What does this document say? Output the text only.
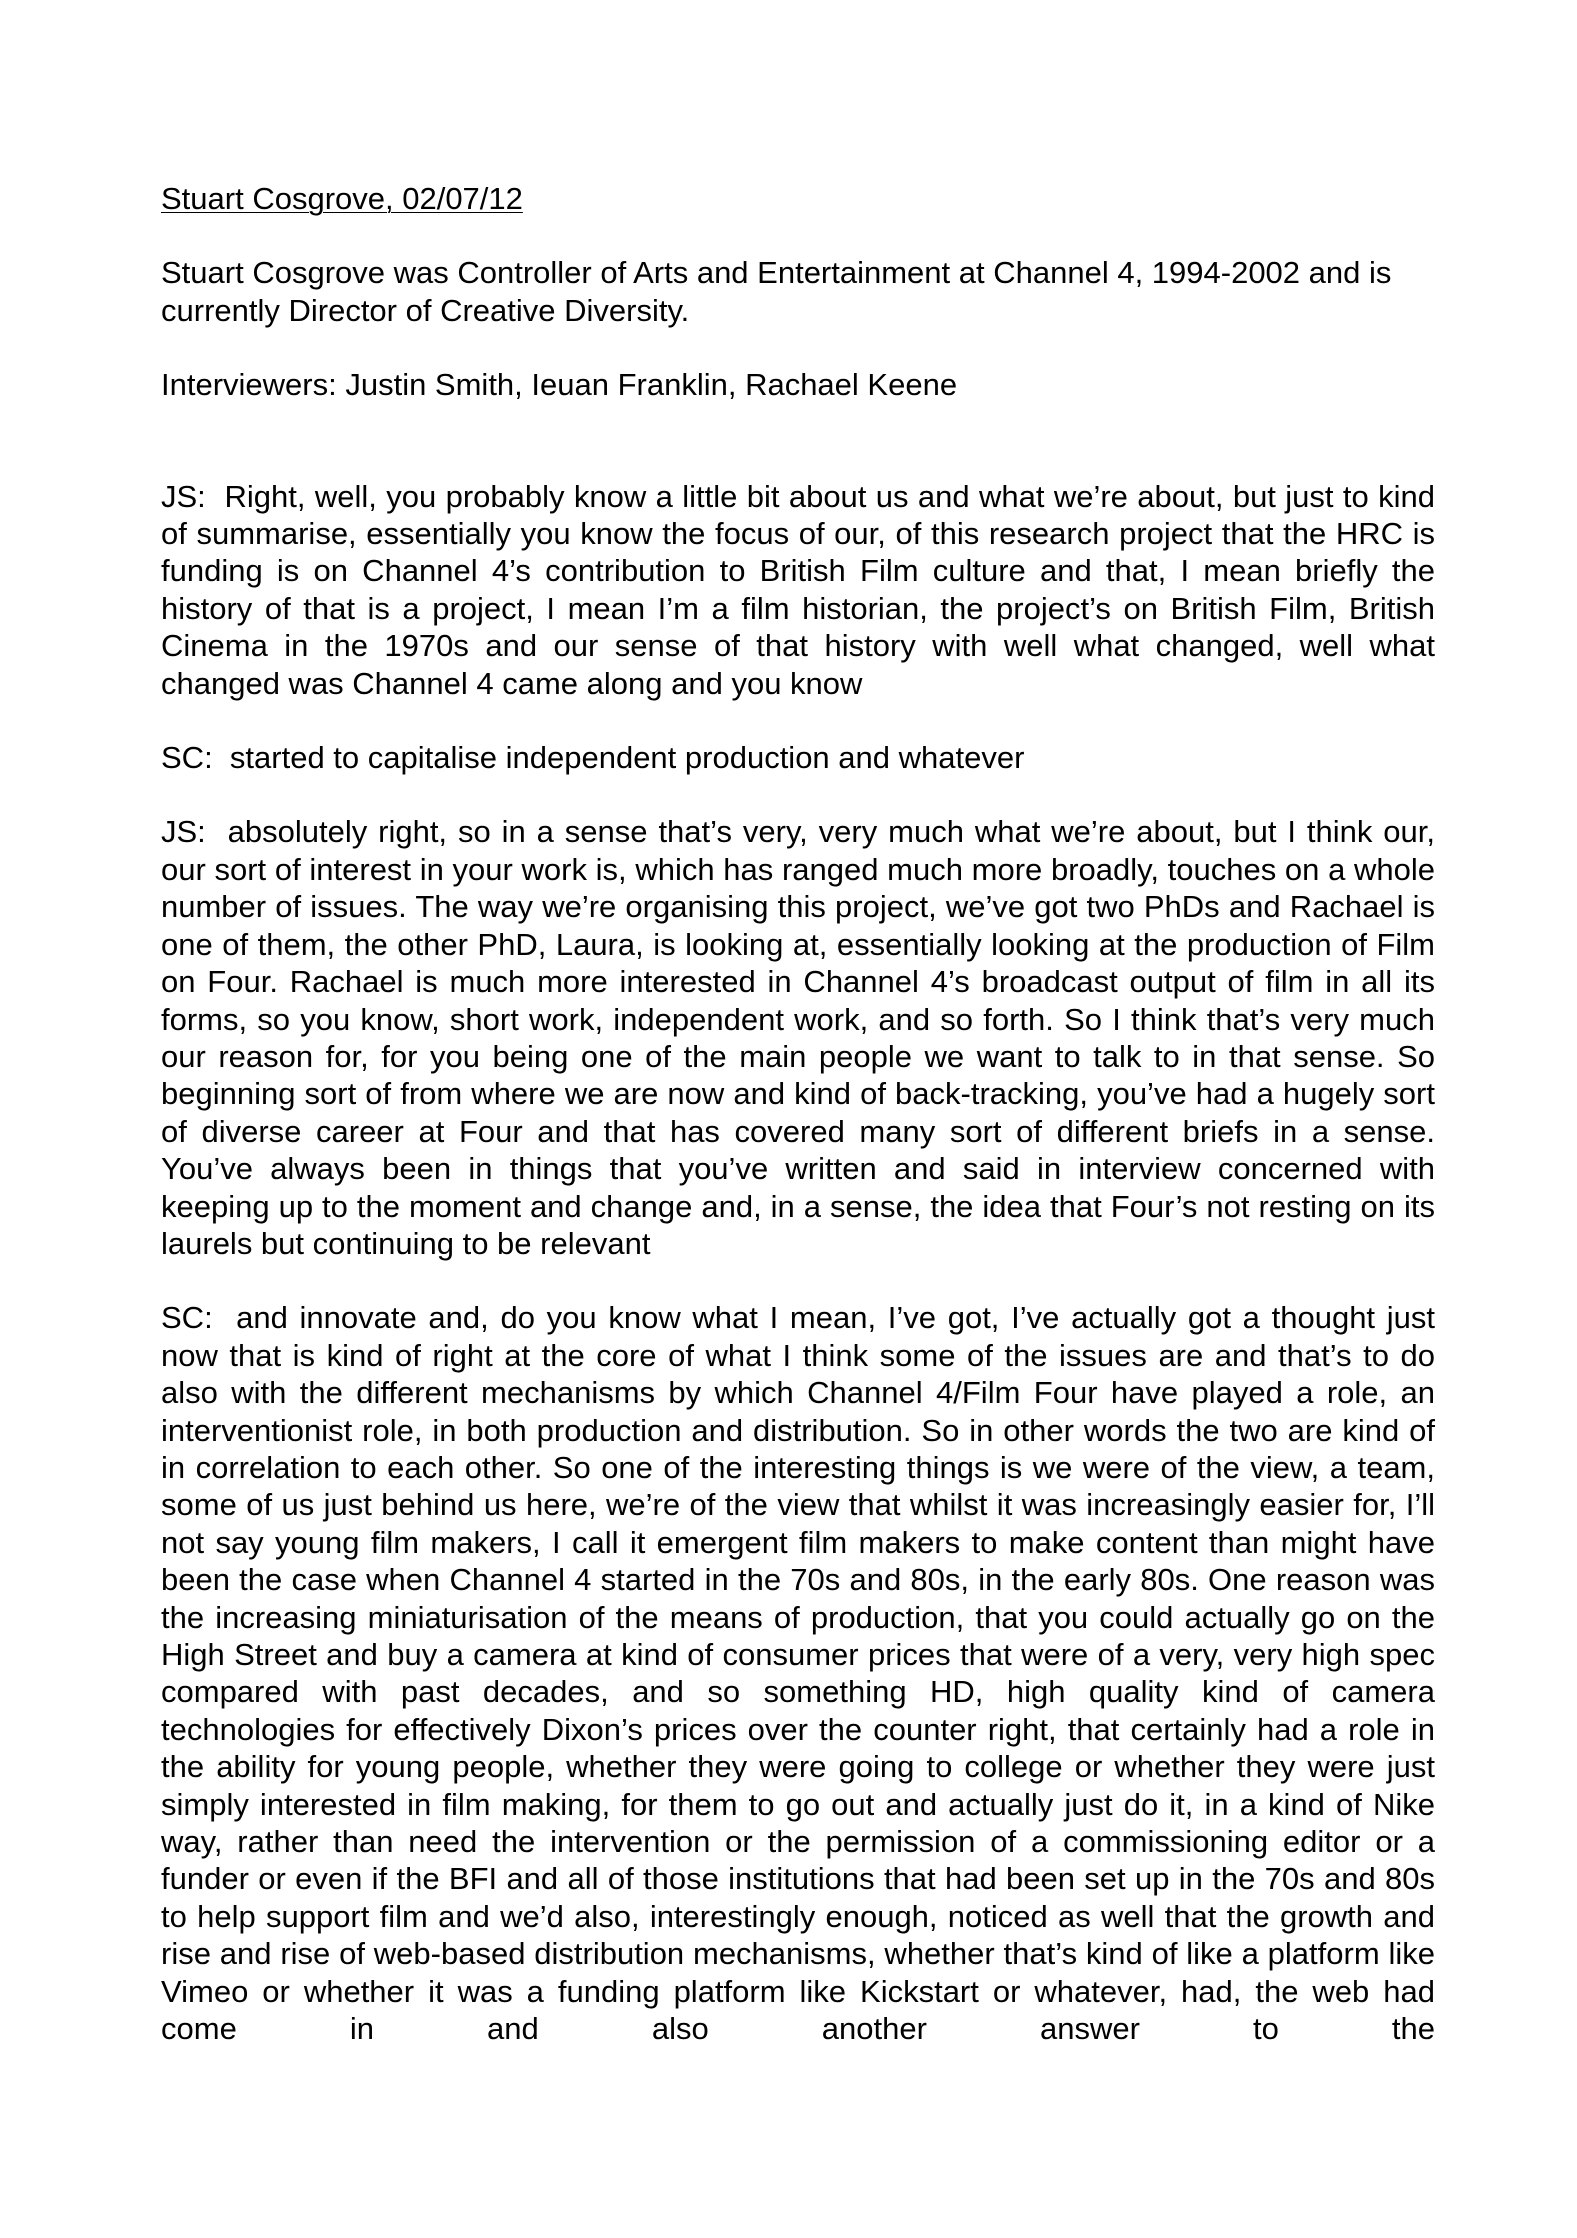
Stuart Cosgrove, 02/07/12

Stuart Cosgrove was Controller of Arts and Entertainment at Channel 4, 1994-2002 and is currently Director of Creative Diversity.

Interviewers: Justin Smith, Ieuan Franklin, Rachael Keene

JS: Right, well, you probably know a little bit about us and what we’re about, but just to kind of summarise, essentially you know the focus of our, of this research project that the HRC is funding is on Channel 4’s contribution to British Film culture and that, I mean briefly the history of that is a project, I mean I’m a film historian, the project’s on British Film, British Cinema in the 1970s and our sense of that history with well what changed, well what changed was Channel 4 came along and you know

SC: started to capitalise independent production and whatever

JS: absolutely right, so in a sense that’s very, very much what we’re about, but I think our, our sort of interest in your work is, which has ranged much more broadly, touches on a whole number of issues. The way we’re organising this project, we’ve got two PhDs and Rachael is one of them, the other PhD, Laura, is looking at, essentially looking at the production of Film on Four. Rachael is much more interested in Channel 4’s broadcast output of film in all its forms, so you know, short work, independent work, and so forth. So I think that’s very much our reason for, for you being one of the main people we want to talk to in that sense. So beginning sort of from where we are now and kind of back-tracking, you’ve had a hugely sort of diverse career at Four and that has covered many sort of different briefs in a sense. You’ve always been in things that you’ve written and said in interview concerned with keeping up to the moment and change and, in a sense, the idea that Four’s not resting on its laurels but continuing to be relevant

SC: and innovate and, do you know what I mean, I’ve got, I’ve actually got a thought just now that is kind of right at the core of what I think some of the issues are and that’s to do also with the different mechanisms by which Channel 4/Film Four have played a role, an interventionist role, in both production and distribution. So in other words the two are kind of in correlation to each other. So one of the interesting things is we were of the view, a team, some of us just behind us here, we’re of the view that whilst it was increasingly easier for, I’ll not say young film makers, I call it emergent film makers to make content than might have been the case when Channel 4 started in the 70s and 80s, in the early 80s. One reason was the increasing miniaturisation of the means of production, that you could actually go on the High Street and buy a camera at kind of consumer prices that were of a very, very high spec compared with past decades, and so something HD, high quality kind of camera technologies for effectively Dixon’s prices over the counter right, that certainly had a role in the ability for young people, whether they were going to college or whether they were just simply interested in film making, for them to go out and actually just do it, in a kind of Nike way, rather than need the intervention or the permission of a commissioning editor or a funder or even if the BFI and all of those institutions that had been set up in the 70s and 80s to help support film and we’d also, interestingly enough, noticed as well that the growth and rise and rise of web-based distribution mechanisms, whether that’s kind of like a platform like Vimeo or whether it was a funding platform like Kickstart or whatever, had, the web had come in and also another answer to the
